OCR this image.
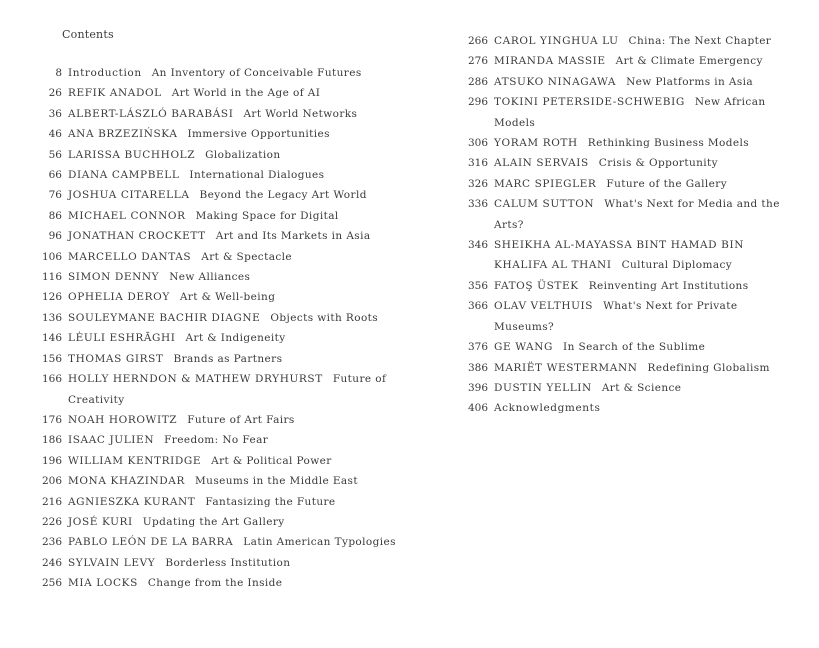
Contents
8 Introduction An Inventory of Conceivable Futures
26 REFIK ANADOL Art World in the Age of AI
36 ALBERT-LÁSZLÓ BARABÁSI Art World Networks
46 ANA BRZEZIŃSKA Immersive Opportunities
56 LARISSA BUCHHOLZ Globalization
66 DIANA CAMPBELL International Dialogues
76 JOSHUA CITARELLA Beyond the Legacy Art World
86 MICHAEL CONNOR Making Space for Digital
96 JONATHAN CROCKETT Art and Its Markets in Asia
106 MARCELLO DANTAS Art & Spectacle
116 SIMON DENNY New Alliances
126 OPHELIA DEROY Art & Well-being
136 SOULEYMANE BACHIR DIAGNE Objects with Roots
146 LĖULI ESHRĀGHI Art & Indigeneity
156 THOMAS GIRST Brands as Partners
166 HOLLY HERNDON & MATHEW DRYHURST Future of Creativity
176 NOAH HOROWITZ Future of Art Fairs
186 ISAAC JULIEN Freedom: No Fear
196 WILLIAM KENTRIDGE Art & Political Power
206 MONA KHAZINDAR Museums in the Middle East
216 AGNIESZKA KURANT Fantasizing the Future
226 JOSÉ KURI Updating the Art Gallery
236 PABLO LEÓN DE LA BARRA Latin American Typologies
246 SYLVAIN LEVY Borderless Institution
256 MIA LOCKS Change from the Inside
266 CAROL YINGHUA LU China: The Next Chapter
276 MIRANDA MASSIE Art & Climate Emergency
286 ATSUKO NINAGAWA New Platforms in Asia
296 TOKINI PETERSIDE-SCHWEBIG New African Models
306 YORAM ROTH Rethinking Business Models
316 ALAIN SERVAIS Crisis & Opportunity
326 MARC SPIEGLER Future of the Gallery
336 CALUM SUTTON What's Next for Media and the Arts?
346 SHEIKHA AL-MAYASSA BINT HAMAD BIN KHALIFA AL THANI Cultural Diplomacy
356 FATOŞ ÜSTEK Reinventing Art Institutions
366 OLAV VELTHUIS What's Next for Private Museums?
376 GE WANG In Search of the Sublime
386 MARIËT WESTERMANN Redefining Globalism
396 DUSTIN YELLIN Art & Science
406 Acknowledgments
